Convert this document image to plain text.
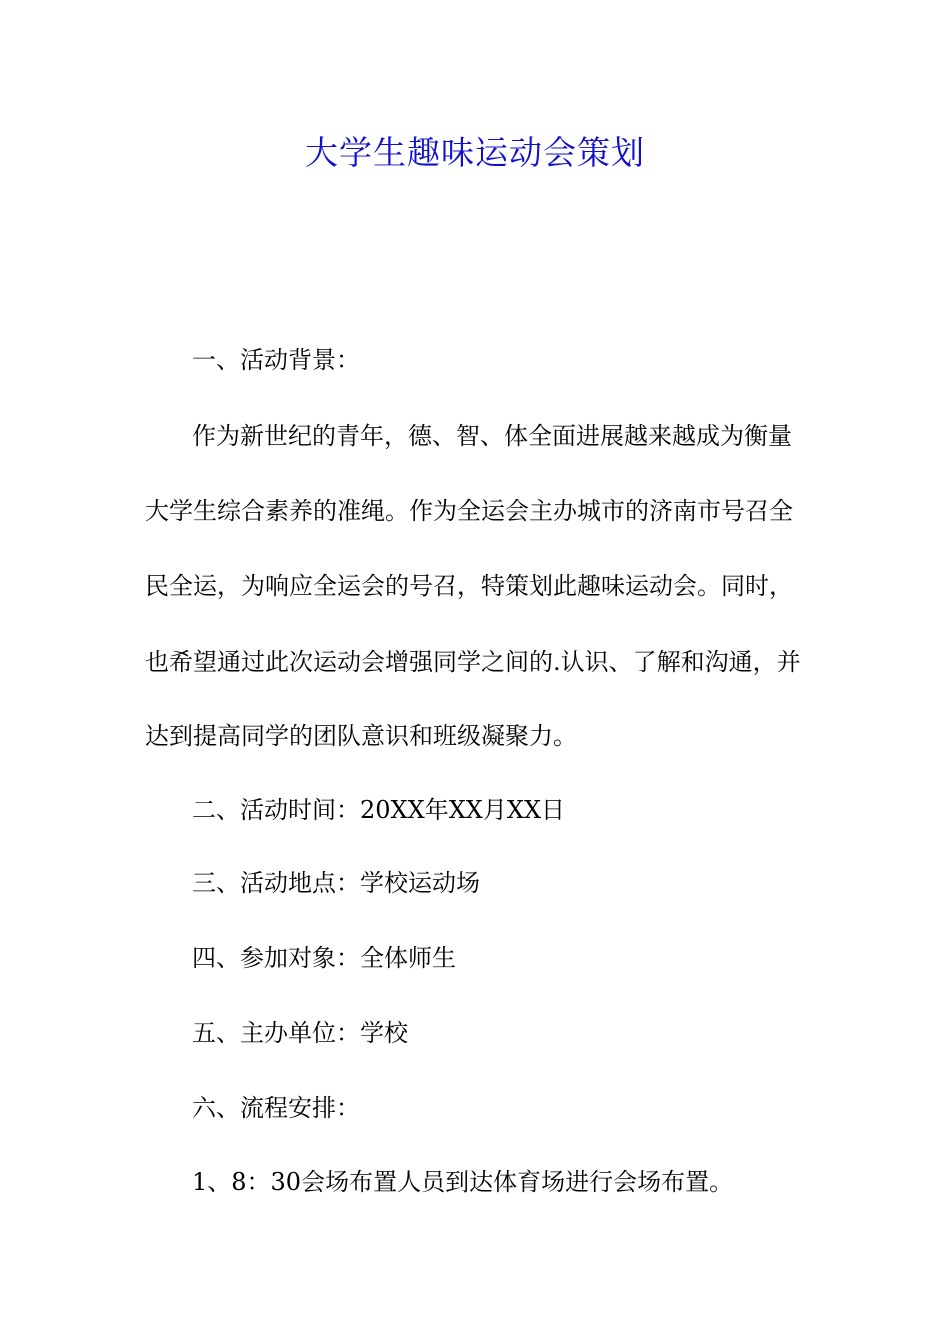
大学生趣味运动会策划
一、活动背景：
作为新世纪的青年，德、智、体全面进展越来越成为衡量
大学生综合素养的准绳。作为全运会主办城市的济南市号召全
民全运，为响应全运会的号召，特策划此趣味运动会。同时，
也希望通过此次运动会增强同学之间的.认识、了解和沟通，并
达到提高同学的团队意识和班级凝聚力。
二、活动时间：20XX年XX月XX日
三、活动地点：学校运动场
四、参加对象：全体师生
五、主办单位：学校
六、流程安排：
1、8：30会场布置人员到达体育场进行会场布置。
